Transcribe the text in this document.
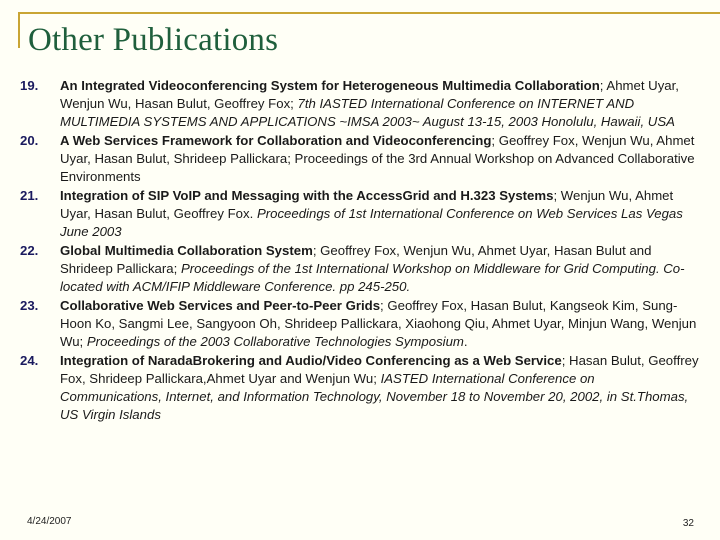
Other Publications
19. An Integrated Videoconferencing System for Heterogeneous Multimedia Collaboration; Ahmet Uyar, Wenjun Wu, Hasan Bulut, Geoffrey Fox; 7th IASTED International Conference on INTERNET AND MULTIMEDIA SYSTEMS AND APPLICATIONS ~IMSA 2003~ August 13-15, 2003 Honolulu, Hawaii, USA
20. A Web Services Framework for Collaboration and Videoconferencing; Geoffrey Fox, Wenjun Wu, Ahmet Uyar, Hasan Bulut, Shrideep Pallickara; Proceedings of the 3rd Annual Workshop on Advanced Collaborative Environments
21. Integration of SIP VoIP and Messaging with the AccessGrid and H.323 Systems; Wenjun Wu, Ahmet Uyar, Hasan Bulut, Geoffrey Fox. Proceedings of 1st International Conference on Web Services Las Vegas June 2003
22. Global Multimedia Collaboration System; Geoffrey Fox, Wenjun Wu, Ahmet Uyar, Hasan Bulut and Shrideep Pallickara; Proceedings of the 1st International Workshop on Middleware for Grid Computing. Co-located with ACM/IFIP Middleware Conference. pp 245-250.
23. Collaborative Web Services and Peer-to-Peer Grids; Geoffrey Fox, Hasan Bulut, Kangseok Kim, Sung-Hoon Ko, Sangmi Lee, Sangyoon Oh, Shrideep Pallickara, Xiaohong Qiu, Ahmet Uyar, Minjun Wang, Wenjun Wu; Proceedings of the 2003 Collaborative Technologies Symposium.
24. Integration of NaradaBrokering and Audio/Video Conferencing as a Web Service; Hasan Bulut, Geoffrey Fox, Shrideep Pallickara,Ahmet Uyar and Wenjun Wu; IASTED International Conference on Communications, Internet, and Information Technology, November 18 to November 20, 2002, in St.Thomas, US Virgin Islands
4/24/2007	32
